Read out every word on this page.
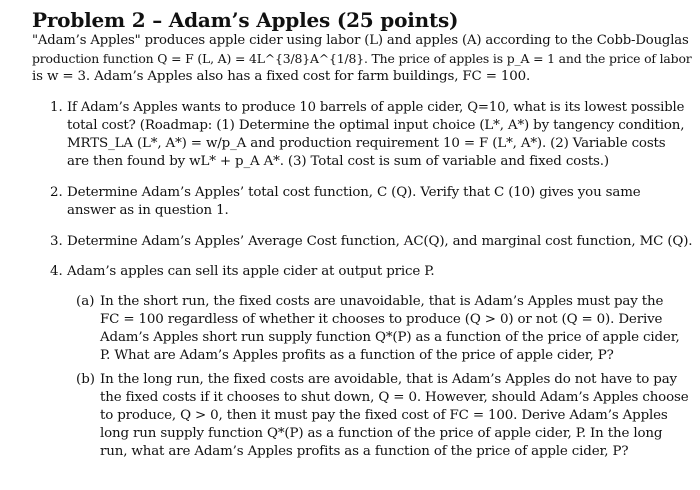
Problem 2 – Adam’s Apples (25 points)
"Adam’s Apples" produces apple cider using labor (L) and apples (A) according to the Cobb-Douglas
production function Q = F (L, A) = 4L^{3/8}A^{1/8}. The price of apples is p_A = 1 and the price of labor
is w = 3. Adam’s Apples also has a fixed cost for farm buildings, FC = 100.
1. If Adam’s Apples wants to produce 10 barrels of apple cider, Q=10, what is its lowest possible
total cost? (Roadmap: (1) Determine the optimal input choice (L*, A*) by tangency condition,
MRTS_LA (L*, A*) = w/p_A and production requirement 10 = F (L*, A*). (2) Variable costs
are then found by wL* + p_A A*. (3) Total cost is sum of variable and fixed costs.)
2. Determine Adam’s Apples’ total cost function, C (Q). Verify that C (10) gives you same
answer as in question 1.
3. Determine Adam’s Apples’ Average Cost function, AC(Q), and marginal cost function, MC (Q).
4. Adam’s apples can sell its apple cider at output price P.
(a) In the short run, the fixed costs are unavoidable, that is Adam’s Apples must pay the
FC = 100 regardless of whether it chooses to produce (Q > 0) or not (Q = 0). Derive
Adam’s Apples short run supply function Q*(P) as a function of the price of apple cider,
P. What are Adam’s Apples profits as a function of the price of apple cider, P?
(b) In the long run, the fixed costs are avoidable, that is Adam’s Apples do not have to pay
the fixed costs if it chooses to shut down, Q = 0. However, should Adam’s Apples choose
to produce, Q > 0, then it must pay the fixed cost of FC = 100. Derive Adam’s Apples
long run supply function Q*(P) as a function of the price of apple cider, P. In the long
run, what are Adam’s Apples profits as a function of the price of apple cider, P?
